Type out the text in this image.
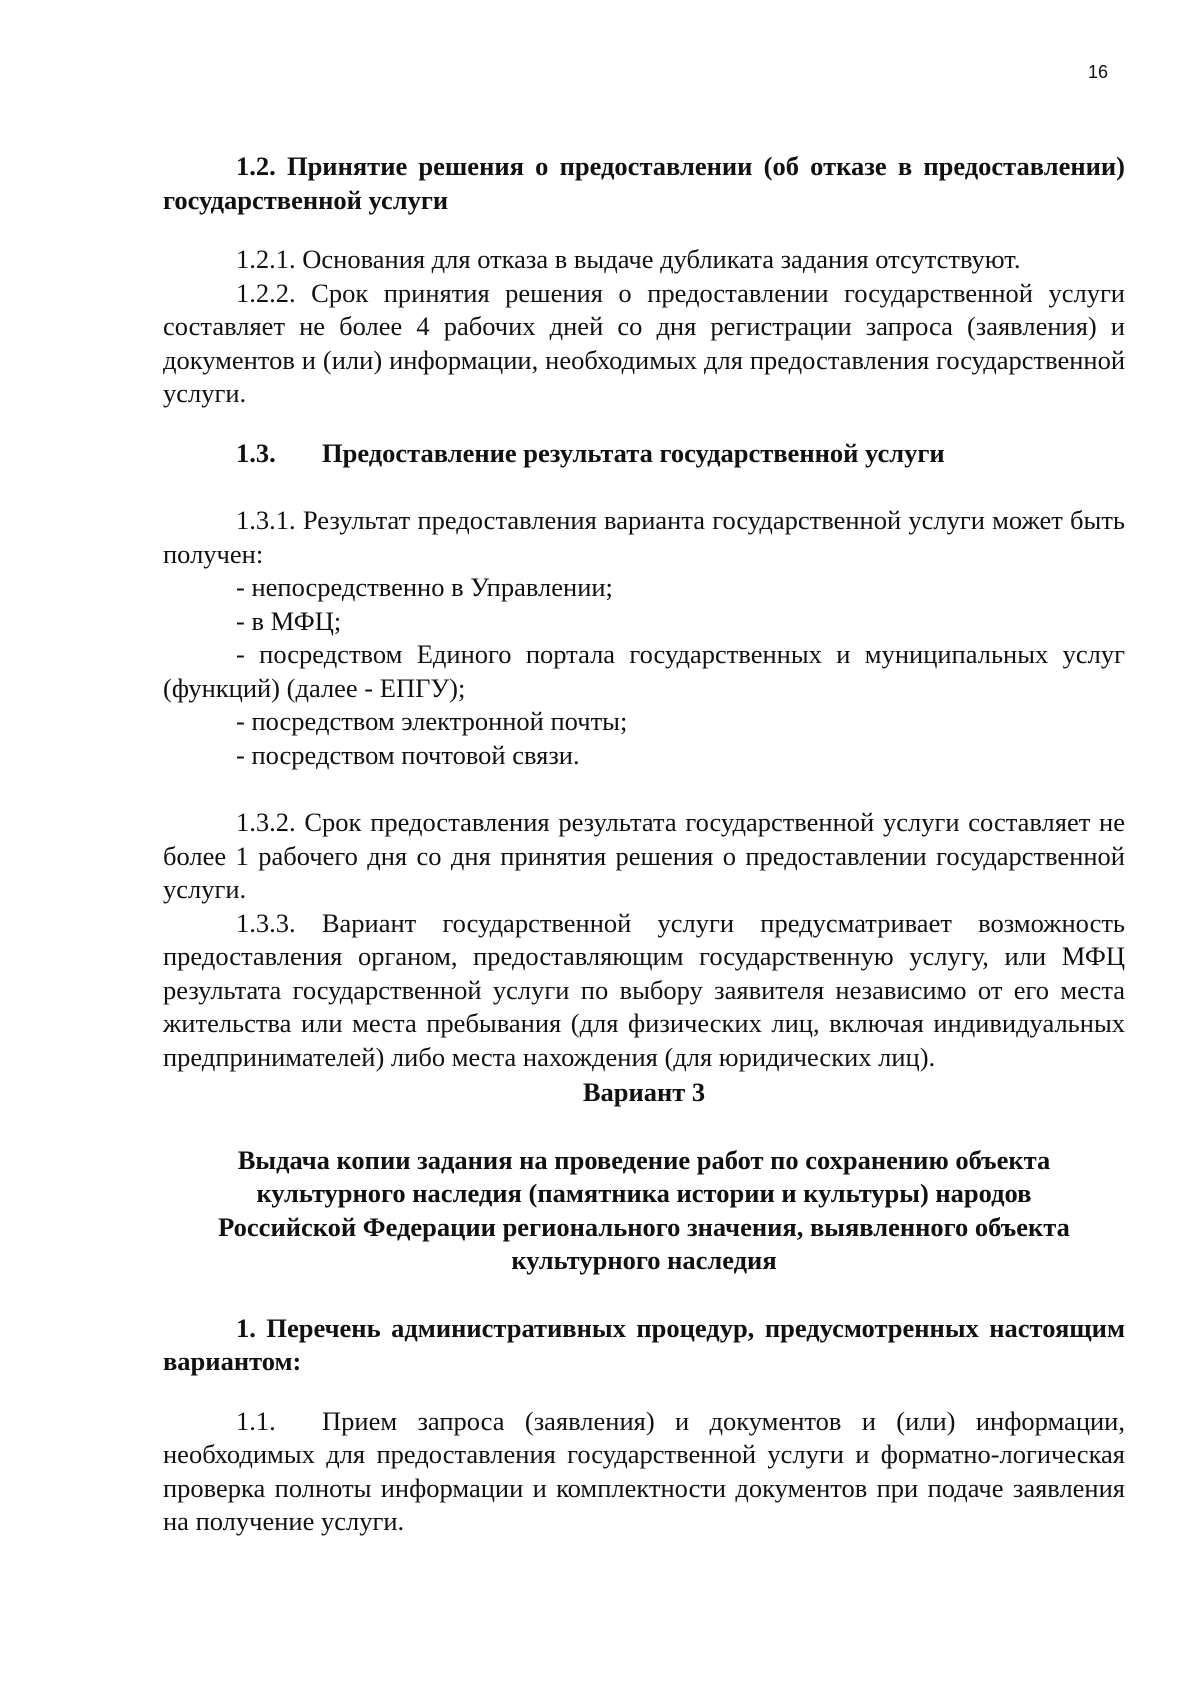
16
1.2. Принятие решения о предоставлении (об отказе в предоставлении) государственной услуги
1.2.1. Основания для отказа в выдаче дубликата задания отсутствуют.
1.2.2. Срок принятия решения о предоставлении государственной услуги составляет не более 4 рабочих дней со дня регистрации запроса (заявления) и документов и (или) информации, необходимых для предоставления государственной услуги.
1.3. Предоставление результата государственной услуги
1.3.1. Результат предоставления варианта государственной услуги может быть получен:
- непосредственно в Управлении;
- в МФЦ;
- посредством Единого портала государственных и муниципальных услуг (функций) (далее - ЕПГУ);
- посредством электронной почты;
- посредством почтовой связи.
1.3.2. Срок предоставления результата государственной услуги составляет не более 1 рабочего дня со дня принятия решения о предоставлении государственной услуги.
1.3.3. Вариант государственной услуги предусматривает возможность предоставления органом, предоставляющим государственную услугу, или МФЦ результата государственной услуги по выбору заявителя независимо от его места жительства или места пребывания (для физических лиц, включая индивидуальных предпринимателей) либо места нахождения (для юридических лиц).
Вариант 3
Выдача копии задания на проведение работ по сохранению объекта
культурного наследия (памятника истории и культуры) народов
Российской Федерации регионального значения, выявленного объекта
культурного наследия
1. Перечень административных процедур, предусмотренных настоящим вариантом:
1.1. Прием запроса (заявления) и документов и (или) информации, необходимых для предоставления государственной услуги и форматно-логическая проверка полноты информации и комплектности документов при подаче заявления на получение услуги.
